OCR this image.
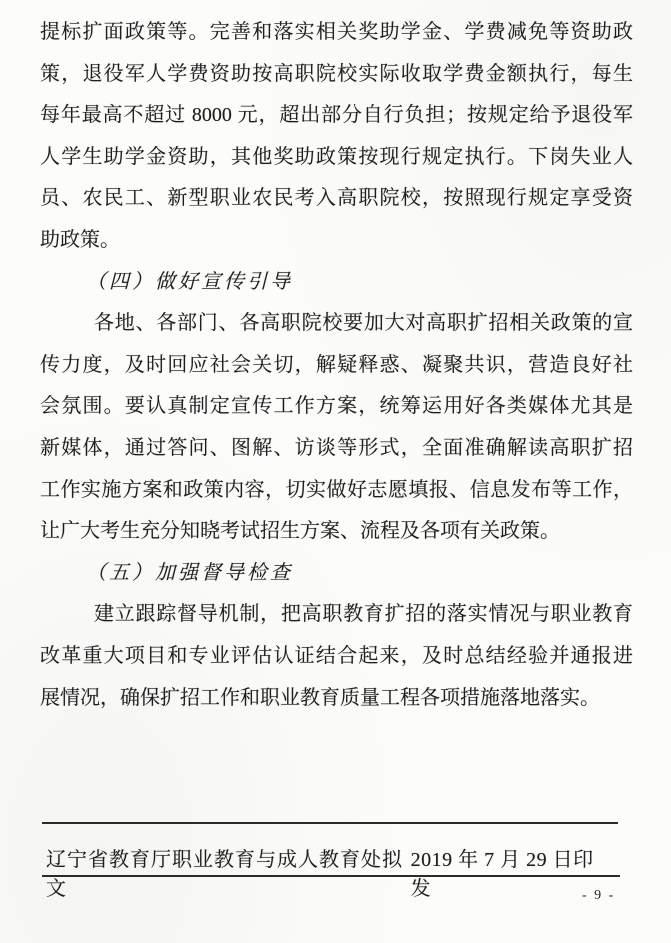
提标扩面政策等。完善和落实相关奖助学金、学费减免等资助政
策，退役军人学费资助按高职院校实际收取学费金额执行，每生
每年最高不超过 8000 元，超出部分自行负担；按规定给予退役军
人学生助学金资助，其他奖助政策按现行规定执行。下岗失业人
员、农民工、新型职业农民考入高职院校，按照现行规定享受资
助政策。
（四）做好宣传引导
各地、各部门、各高职院校要加大对高职扩招相关政策的宣
传力度，及时回应社会关切，解疑释惑、凝聚共识，营造良好社
会氛围。要认真制定宣传工作方案，统筹运用好各类媒体尤其是
新媒体，通过答问、图解、访谈等形式，全面准确解读高职扩招
工作实施方案和政策内容，切实做好志愿填报、信息发布等工作，
让广大考生充分知晓考试招生方案、流程及各项有关政策。
（五）加强督导检查
建立跟踪督导机制，把高职教育扩招的落实情况与职业教育
改革重大项目和专业评估认证结合起来，及时总结经验并通报进
展情况，确保扩招工作和职业教育质量工程各项措施落地落实。
辽宁省教育厅职业教育与成人教育处拟文
2019 年 7 月 29 日印发	- 9 -
